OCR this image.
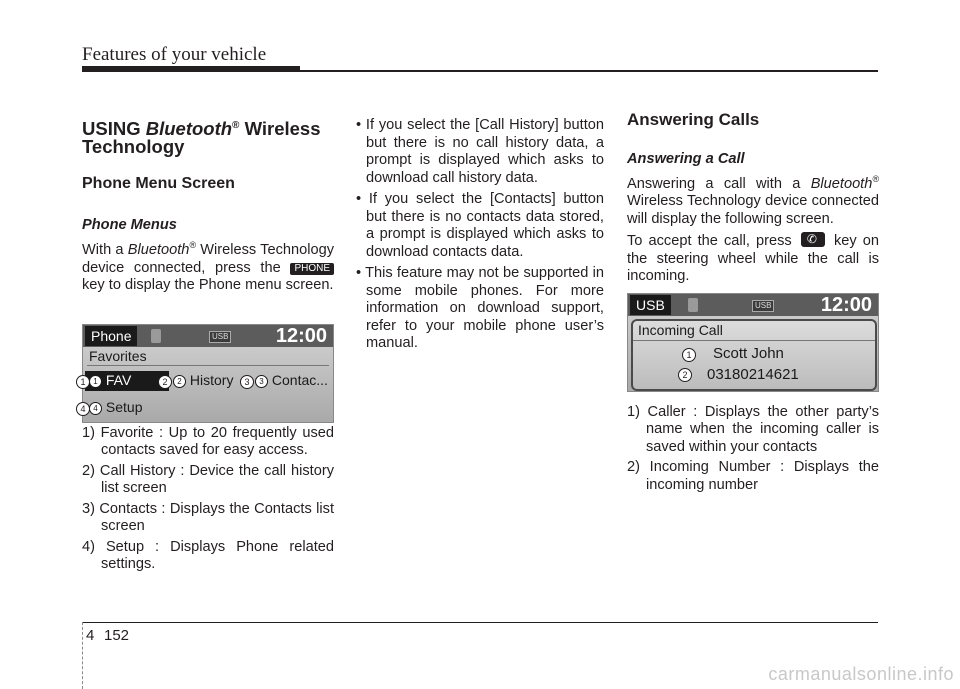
Features of your vehicle
USING Bluetooth® Wireless Technology
Phone Menu Screen
Phone Menus

With a Bluetooth® Wireless Technology device connected, press the PHONE key to display the Phone menu screen.

1) Favorite : Up to 20 frequently used contacts saved for easy access.
2) Call History : Device the call history list screen
3) Contacts : Displays the Contacts list screen
4) Setup : Displays Phone related settings.
Phone	USB 12:00
Favorites
1 FAV	2 History	3 Contac...
4 Setup
1	2	3
4
• If you select the [Call History] button but there is no call history data, a prompt is displayed which asks to download call history data.
• If you select the [Contacts] button but there is no contacts data stored, a prompt is displayed which asks to download contacts data.
• This feature may not be supported in some mobile phones. For more information on download support, refer to your mobile phone user’s manual.
Answering Calls
Answering a Call

Answering a call with a Bluetooth® Wireless Technology device connected will display the following screen.

To accept the call, press ✆	key on the steering wheel while the call is incoming.

1) Caller : Displays the other party’s name when the incoming caller is saved within your contacts
2) Incoming Number : Displays the incoming number
USB	USB 12:00
Incoming Call
Scott John
03180214621
1
2
4 152
carmanualsonline.info
